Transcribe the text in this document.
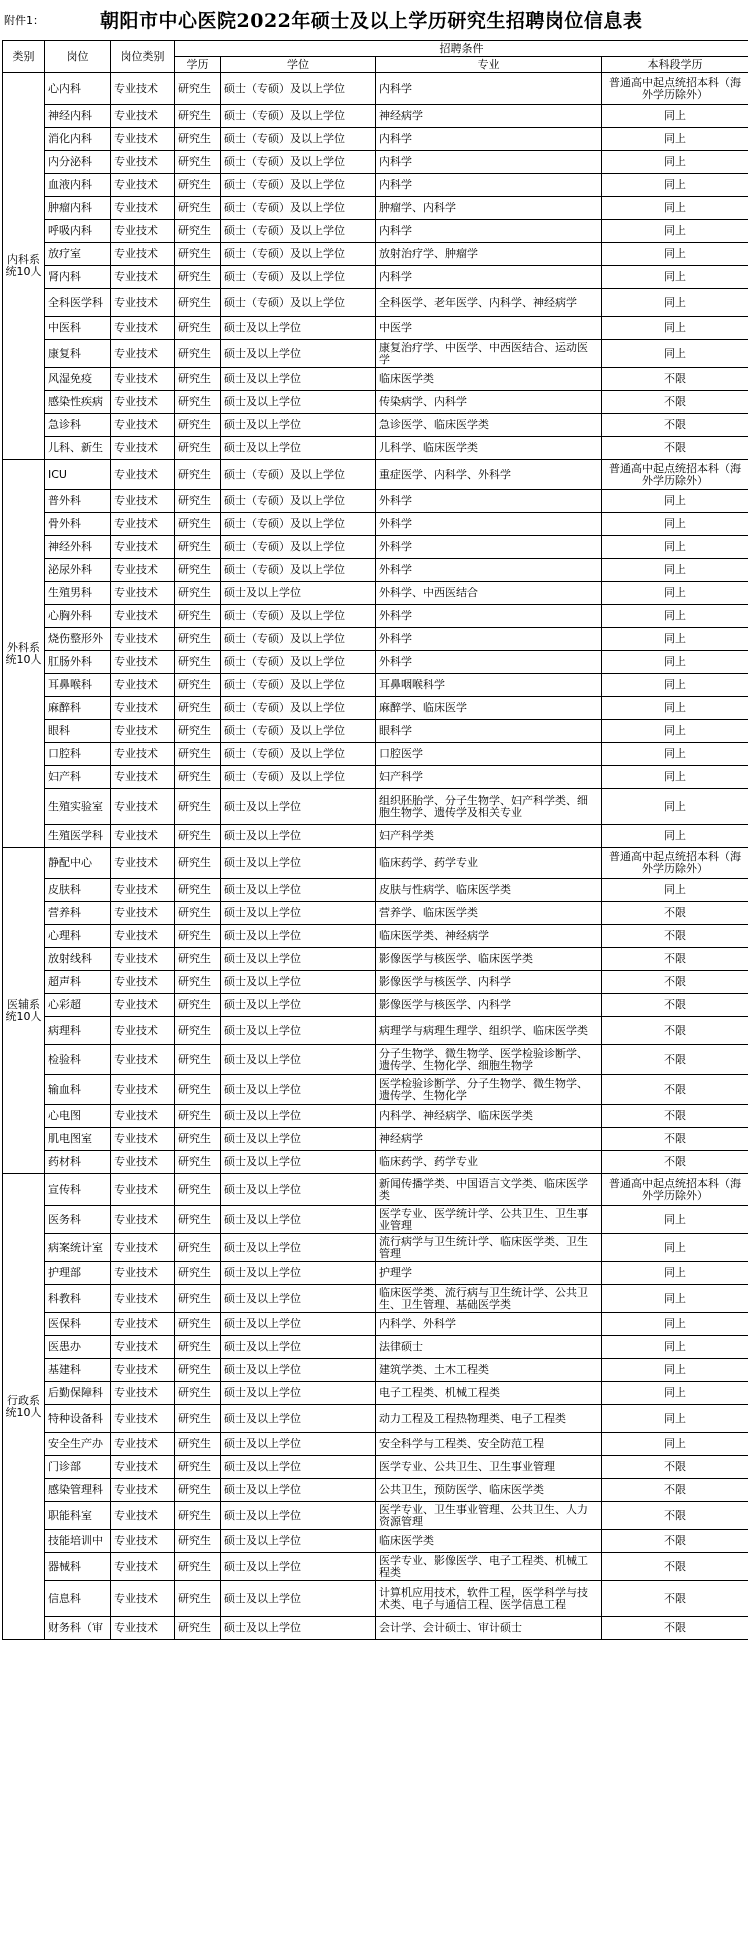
附件1：	朝阳市中心医院2022年硕士及以上学历研究生招聘岗位信息表
类别	岗位	岗位类别	招聘条件			
			学历	学位	专业	本科段学历
内科系统10人	心内科	专业技术	研究生	硕士（专硕）及以上学位	内科学	普通高中起点统招本科（海外学历除外）

	神经内科	专业技术	研究生	硕士（专硕）及以上学位	神经病学	同上

	消化内科	专业技术	研究生	硕士（专硕）及以上学位	内科学	同上

	内分泌科	专业技术	研究生	硕士（专硕）及以上学位	内科学	同上

	血液内科	专业技术	研究生	硕士（专硕）及以上学位	内科学	同上

	肿瘤内科	专业技术	研究生	硕士（专硕）及以上学位	肿瘤学、内科学	同上

	呼吸内科	专业技术	研究生	硕士（专硕）及以上学位	内科学	同上

	放疗室	专业技术	研究生	硕士（专硕）及以上学位	放射治疗学、肿瘤学	同上

	肾内科	专业技术	研究生	硕士（专硕）及以上学位	内科学	同上

	全科医学科	专业技术	研究生	硕士（专硕）及以上学位	全科医学、老年医学、内科学、神经病学	同上

	中医科	专业技术	研究生	硕士及以上学位	中医学	同上

	康复科	专业技术	研究生	硕士及以上学位	康复治疗学、中医学、中西医结合、运动医学	同上

	风湿免疫	专业技术	研究生	硕士及以上学位	临床医学类	不限

	感染性疾病	专业技术	研究生	硕士及以上学位	传染病学、内科学	不限

	急诊科	专业技术	研究生	硕士及以上学位	急诊医学、临床医学类	不限

	儿科、新生	专业技术	研究生	硕士及以上学位	儿科学、临床医学类	不限

外科系统10人	ICU	专业技术	研究生	硕士（专硕）及以上学位	重症医学、内科学、外科学	普通高中起点统招本科（海外学历除外）

	普外科	专业技术	研究生	硕士（专硕）及以上学位	外科学	同上

	骨外科	专业技术	研究生	硕士（专硕）及以上学位	外科学	同上

	神经外科	专业技术	研究生	硕士（专硕）及以上学位	外科学	同上

	泌尿外科	专业技术	研究生	硕士（专硕）及以上学位	外科学	同上

	生殖男科	专业技术	研究生	硕士及以上学位	外科学、中西医结合	同上

	心胸外科	专业技术	研究生	硕士（专硕）及以上学位	外科学	同上

	烧伤整形外	专业技术	研究生	硕士（专硕）及以上学位	外科学	同上

	肛肠外科	专业技术	研究生	硕士（专硕）及以上学位	外科学	同上

	耳鼻喉科	专业技术	研究生	硕士（专硕）及以上学位	耳鼻咽喉科学	同上

	麻醉科	专业技术	研究生	硕士（专硕）及以上学位	麻醉学、临床医学	同上

	眼科	专业技术	研究生	硕士（专硕）及以上学位	眼科学	同上

	口腔科	专业技术	研究生	硕士（专硕）及以上学位	口腔医学	同上

	妇产科	专业技术	研究生	硕士（专硕）及以上学位	妇产科学	同上

	生殖实验室	专业技术	研究生	硕士及以上学位	组织胚胎学、分子生物学、妇产科学类、细胞生物学、遗传学及相关专业	同上

	生殖医学科	专业技术	研究生	硕士及以上学位	妇产科学类	同上

医辅系统10人	静配中心	专业技术	研究生	硕士及以上学位	临床药学、药学专业	普通高中起点统招本科（海外学历除外）

	皮肤科	专业技术	研究生	硕士及以上学位	皮肤与性病学、临床医学类	同上

	营养科	专业技术	研究生	硕士及以上学位	营养学、临床医学类	不限

	心理科	专业技术	研究生	硕士及以上学位	临床医学类、神经病学	不限

	放射线科	专业技术	研究生	硕士及以上学位	影像医学与核医学、临床医学类	不限

	超声科	专业技术	研究生	硕士及以上学位	影像医学与核医学、内科学	不限

	心彩超	专业技术	研究生	硕士及以上学位	影像医学与核医学、内科学	不限

	病理科	专业技术	研究生	硕士及以上学位	病理学与病理生理学、组织学、临床医学类	不限

	检验科	专业技术	研究生	硕士及以上学位	分子生物学、微生物学、医学检验诊断学、遗传学、生物化学、细胞生物学	不限

	输血科	专业技术	研究生	硕士及以上学位	医学检验诊断学、分子生物学、微生物学、遗传学、生物化学	不限

	心电图	专业技术	研究生	硕士及以上学位	内科学、神经病学、临床医学类	不限

	肌电图室	专业技术	研究生	硕士及以上学位	神经病学	不限

	药材科	专业技术	研究生	硕士及以上学位	临床药学、药学专业	不限

行政系统10人	宣传科	专业技术	研究生	硕士及以上学位	新闻传播学类、中国语言文学类、临床医学类	普通高中起点统招本科（海外学历除外）

	医务科	专业技术	研究生	硕士及以上学位	医学专业、医学统计学、公共卫生、卫生事业管理	同上

	病案统计室	专业技术	研究生	硕士及以上学位	流行病学与卫生统计学、临床医学类、卫生管理	同上

	护理部	专业技术	研究生	硕士及以上学位	护理学	同上

	科教科	专业技术	研究生	硕士及以上学位	临床医学类、流行病与卫生统计学、公共卫生、卫生管理、基础医学类	同上

	医保科	专业技术	研究生	硕士及以上学位	内科学、外科学	同上

	医患办	专业技术	研究生	硕士及以上学位	法律硕士	同上

	基建科	专业技术	研究生	硕士及以上学位	建筑学类、土木工程类	同上

	后勤保障科	专业技术	研究生	硕士及以上学位	电子工程类、机械工程类	同上

	特种设备科	专业技术	研究生	硕士及以上学位	动力工程及工程热物理类、电子工程类	同上

	安全生产办	专业技术	研究生	硕士及以上学位	安全科学与工程类、安全防范工程	同上

	门诊部	专业技术	研究生	硕士及以上学位	医学专业、公共卫生、卫生事业管理	不限

	感染管理科	专业技术	研究生	硕士及以上学位	公共卫生，预防医学、临床医学类	不限

	职能科室	专业技术	研究生	硕士及以上学位	医学专业、卫生事业管理、公共卫生、人力资源管理	不限

	技能培训中	专业技术	研究生	硕士及以上学位	临床医学类	不限

	器械科	专业技术	研究生	硕士及以上学位	医学专业、影像医学、电子工程类、机械工程类	不限

	信息科	专业技术	研究生	硕士及以上学位	计算机应用技术，软件工程，医学科学与技术类、电子与通信工程、医学信息工程	不限

	财务科（审	专业技术	研究生	硕士及以上学位	会计学、会计硕士、审计硕士	不限
